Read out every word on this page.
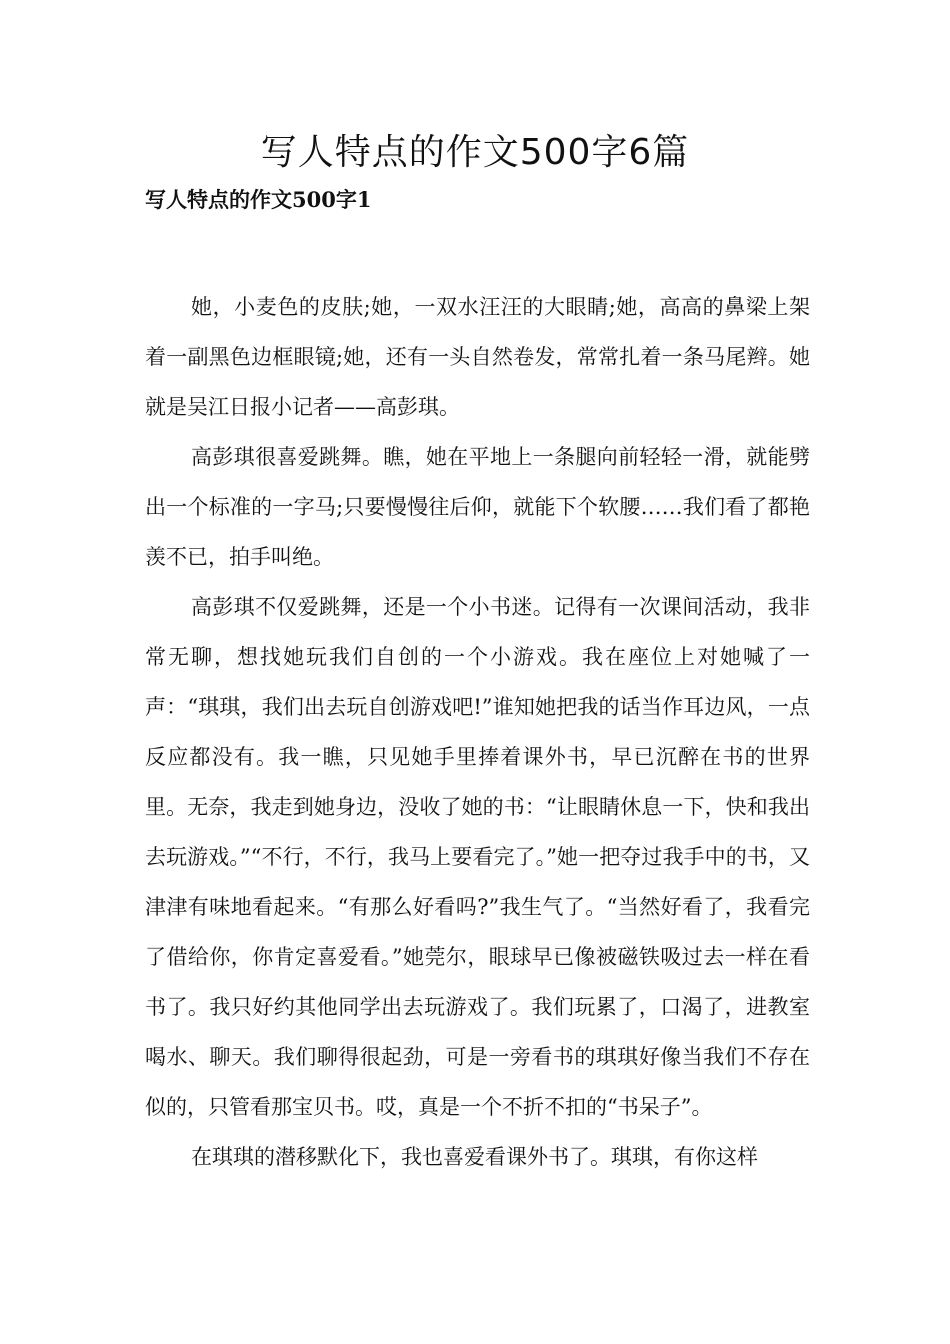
写人特点的作文500字6篇
写人特点的作文500字1

她，小麦色的皮肤;她，一双水汪汪的大眼睛;她，高高的鼻梁上架着一副黑色边框眼镜;她，还有一头自然卷发，常常扎着一条马尾辫。她就是吴江日报小记者——高彭琪。

高彭琪很喜爱跳舞。瞧，她在平地上一条腿向前轻轻一滑，就能劈出一个标准的一字马;只要慢慢往后仰，就能下个软腰……我们看了都艳羡不已，拍手叫绝。

高彭琪不仅爱跳舞，还是一个小书迷。记得有一次课间活动，我非常无聊，想找她玩我们自创的一个小游戏。我在座位上对她喊了一声：“琪琪，我们出去玩自创游戏吧!”谁知她把我的话当作耳边风，一点反应都没有。我一瞧，只见她手里捧着课外书，早已沉醉在书的世界里。无奈，我走到她身边，没收了她的书：“让眼睛休息一下，快和我出去玩游戏。”“不行，不行，我马上要看完了。”她一把夺过我手中的书，又津津有味地看起来。“有那么好看吗?”我生气了。“当然好看了，我看完了借给你，你肯定喜爱看。”她莞尔，眼球早已像被磁铁吸过去一样在看书了。我只好约其他同学出去玩游戏了。我们玩累了，口渴了，进教室喝水、聊天。我们聊得很起劲，可是一旁看书的琪琪好像当我们不存在似的，只管看那宝贝书。哎，真是一个不折不扣的“书呆子”。

在琪琪的潜移默化下，我也喜爱看课外书了。琪琪，有你这样
